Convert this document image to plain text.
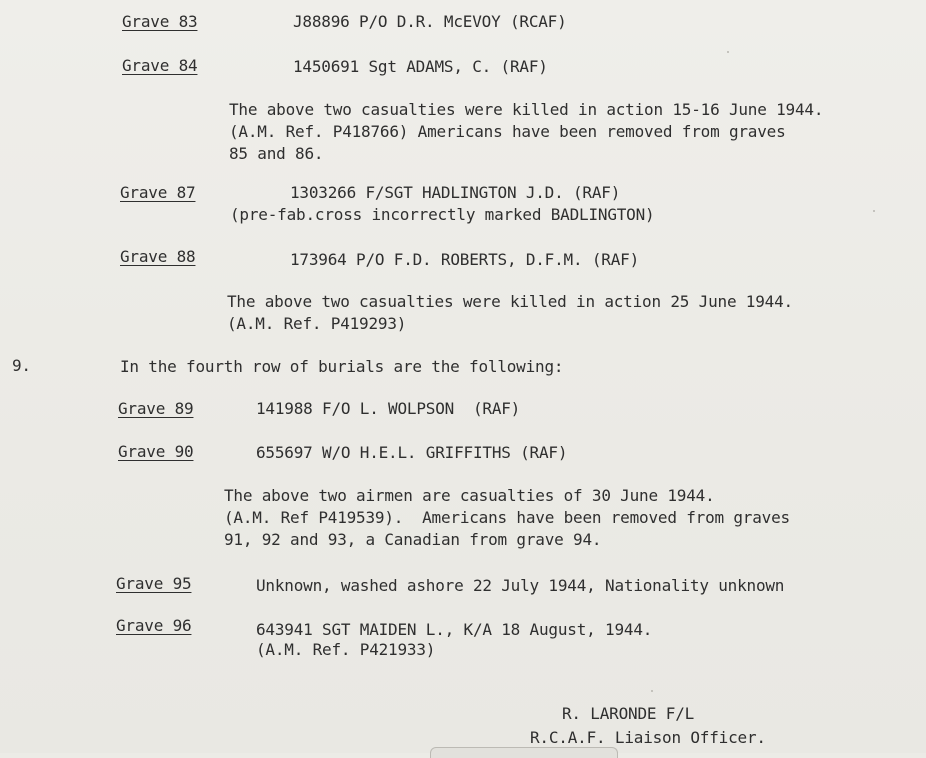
Grave 83	J88896 P/O D.R. McEVOY (RCAF)
Grave 84	1450691 Sgt ADAMS, C. (RAF)
The above two casualties were killed in action 15-16 June 1944.
(A.M. Ref. P418766) Americans have been removed from graves
85 and 86.
Grave 87	1303266 F/SGT HADLINGTON J.D. (RAF)
(pre-fab.cross incorrectly marked BADLINGTON)
Grave 88	173964 P/O F.D. ROBERTS, D.F.M. (RAF)
The above two casualties were killed in action 25 June 1944.
(A.M. Ref. P419293)
9.	In the fourth row of burials are the following:
Grave 89	141988 F/O L. WOLPSON  (RAF)
Grave 90	655697 W/O H.E.L. GRIFFITHS (RAF)
The above two airmen are casualties of 30 June 1944.
(A.M. Ref P419539).  Americans have been removed from graves
91, 92 and 93, a Canadian from grave 94.
Grave 95	Unknown, washed ashore 22 July 1944, Nationality unknown
Grave 96	643941 SGT MAIDEN L., K/A 18 August, 1944.
(A.M. Ref. P421933)
R. LARONDE F/L
R.C.A.F. Liaison Officer.
